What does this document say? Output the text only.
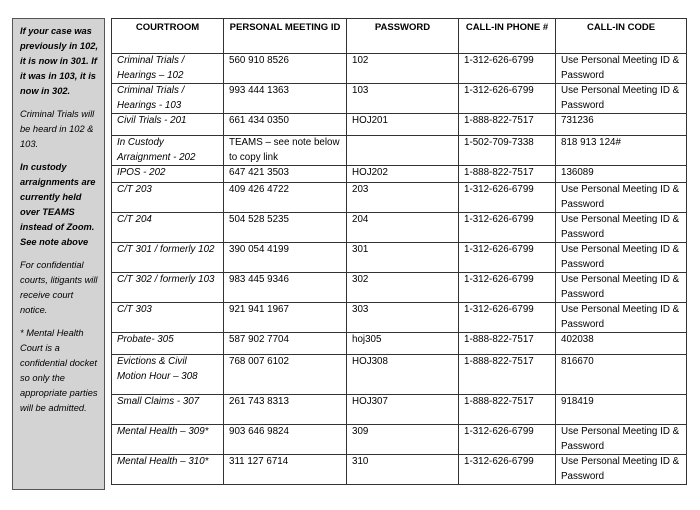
If your case was previously in 102, it is now in 301. If it was in 103, it is now in 302.

Criminal Trials will be heard in 102 & 103.

In custody arraignments are currently held over TEAMS instead of Zoom. See note above

For confidential courts, litigants will receive court notice.

* Mental Health Court is a confidential docket so only the appropriate parties will be admitted.

COURTROOM	PERSONAL MEETING ID	PASSWORD	CALL-IN PHONE #	CALL-IN CODE
Criminal Trials / Hearings – 102	560 910 8526	102	1-312-626-6799	Use Personal Meeting ID & Password
Criminal Trials / Hearings - 103	993 444 1363	103	1-312-626-6799	Use Personal Meeting ID & Password
Civil Trials - 201	661 434 0350	HOJ201	1-888-822-7517	731236
In Custody Arraignment - 202	TEAMS – see note below to copy link		1-502-709-7338	818 913 124#
IPOS - 202	647 421 3503	HOJ202	1-888-822-7517	136089
C/T 203	409 426 4722	203	1-312-626-6799	Use Personal Meeting ID & Password
C/T 204	504 528 5235	204	1-312-626-6799	Use Personal Meeting ID & Password
C/T 301 / formerly 102	390 054 4199	301	1-312-626-6799	Use Personal Meeting ID & Password
C/T 302 / formerly 103	983 445 9346	302	1-312-626-6799	Use Personal Meeting ID & Password
C/T 303	921 941 1967	303	1-312-626-6799	Use Personal Meeting ID & Password
Probate- 305	587 902 7704	hoj305	1-888-822-7517	402038
Evictions & Civil Motion Hour – 308	768 007 6102	HOJ308	1-888-822-7517	816670
Small Claims - 307	261 743 8313	HOJ307	1-888-822-7517	918419
Mental Health – 309*	903 646 9824	309	1-312-626-6799	Use Personal Meeting ID & Password
Mental Health – 310*	311 127 6714	310	1-312-626-6799	Use Personal Meeting ID & Password
